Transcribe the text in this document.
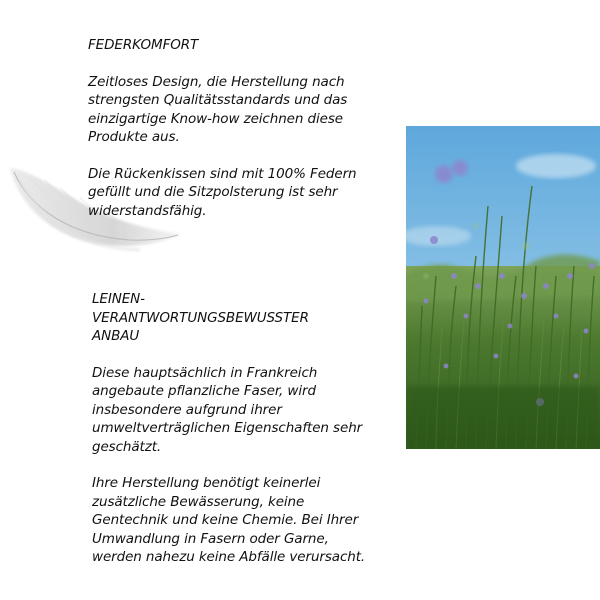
FEDERKOMFORT

Zeitloses Design, die Herstellung nach
strengsten Qualitätsstandards und das
einzigartige Know-how zeichnen diese
Produkte aus.

Die Rückenkissen sind mit 100% Federn
gefüllt und die Sitzpolsterung ist sehr
widerstandsfähig.

LEINEN-
VERANTWORTUNGSBEWUSSTER
ANBAU

Diese hauptsächlich in Frankreich
angebaute pflanzliche Faser, wird
insbesondere aufgrund ihrer
umweltverträglichen Eigenschaften sehr
geschätzt.

Ihre Herstellung benötigt keinerlei
zusätzliche Bewässerung, keine
Gentechnik und keine Chemie. Bei Ihrer
Umwandlung in Fasern oder Garne,
werden nahezu keine Abfälle verursacht.
